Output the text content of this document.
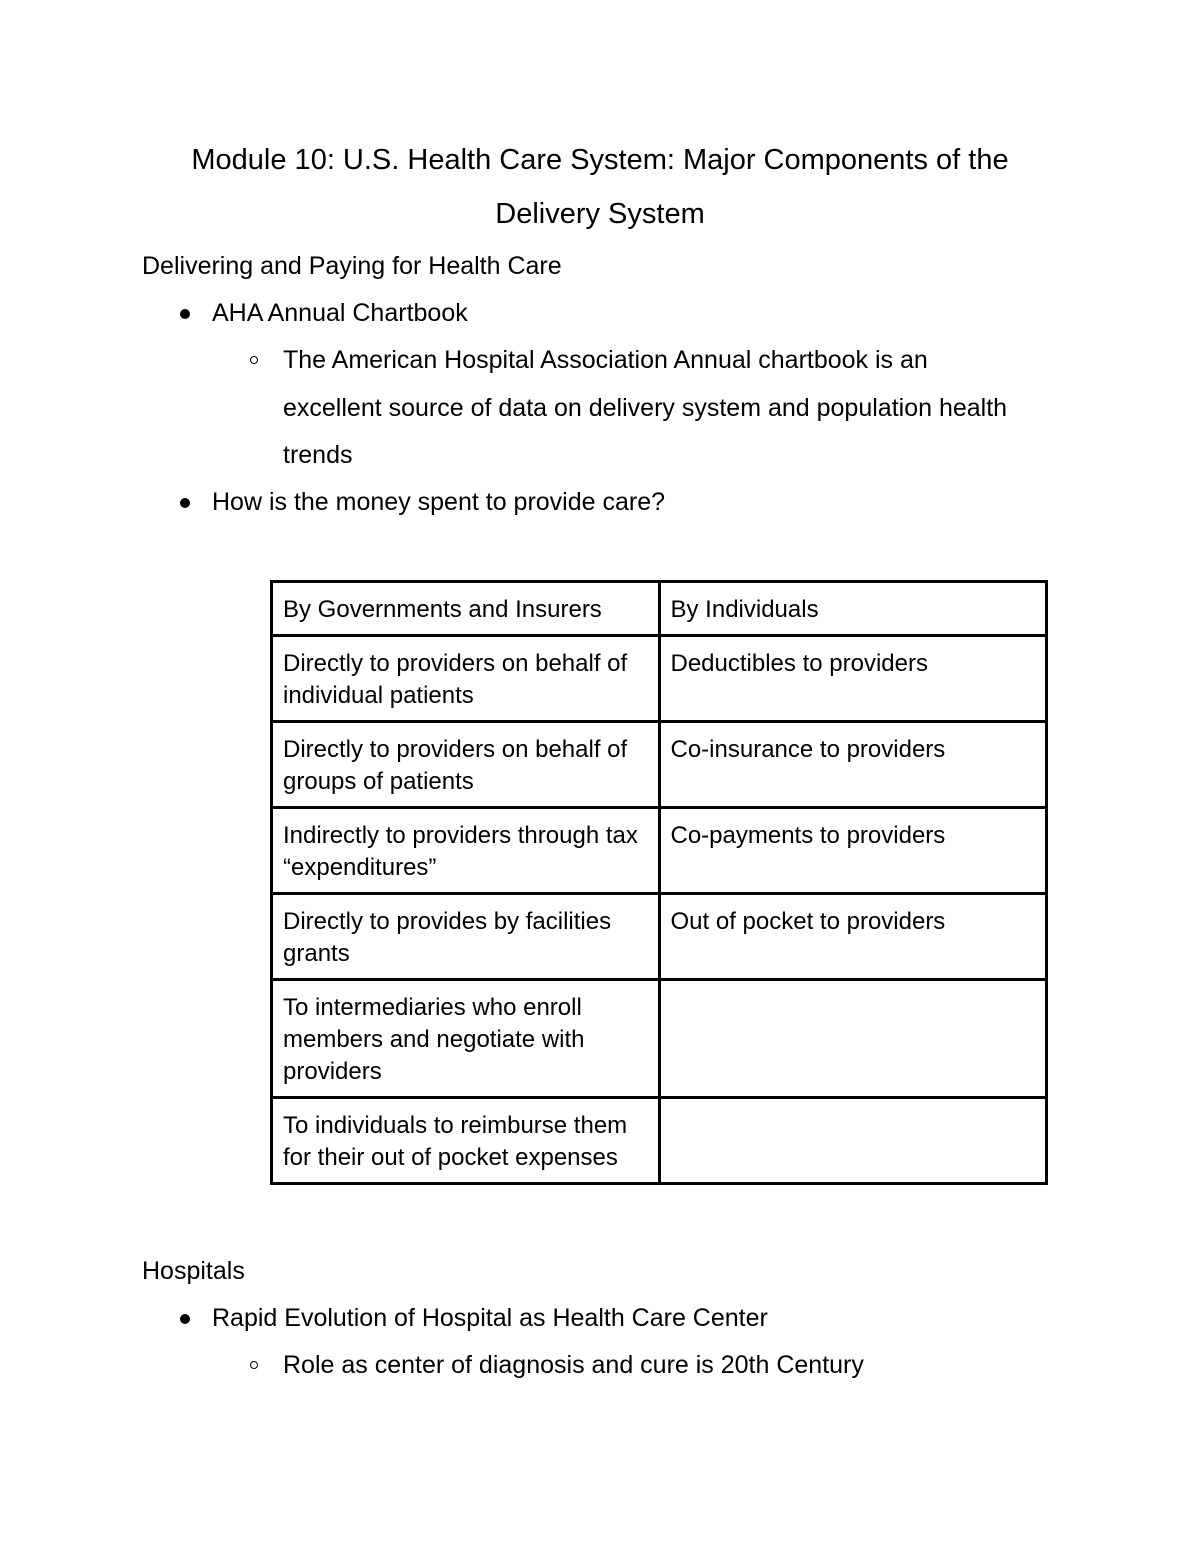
Module 10: U.S. Health Care System: Major Components of the
Delivery System
Delivering and Paying for Health Care
AHA Annual Chartbook
The American Hospital Association Annual chartbook is an excellent source of data on delivery system and population health trends
How is the money spent to provide care?
By Governments and Insurers	By Individuals
Directly to providers on behalf of individual patients	Deductibles to providers
Directly to providers on behalf of groups of patients	Co-insurance to providers
Indirectly to providers through tax “expenditures”	Co-payments to providers
Directly to provides by facilities grants	Out of pocket to providers
To intermediaries who enroll members and negotiate with providers	
To individuals to reimburse them for their out of pocket expenses	
Hospitals
Rapid Evolution of Hospital as Health Care Center
Role as center of diagnosis and cure is 20th Century
